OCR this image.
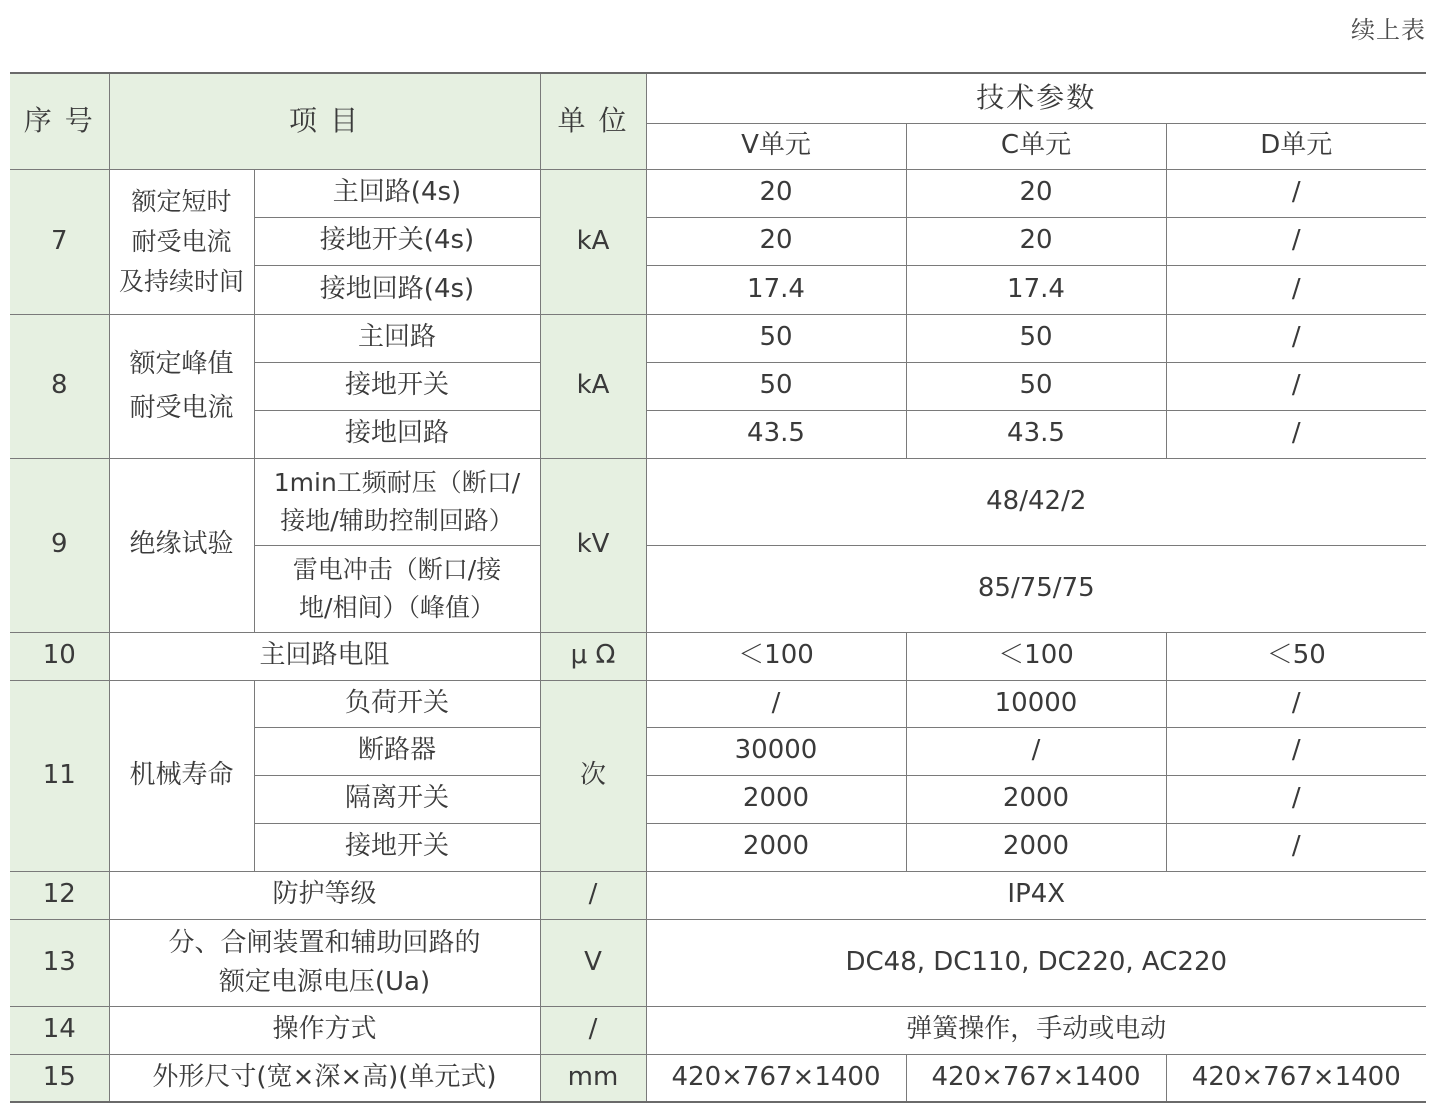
续上表
序 号	项 目		单 位	技术参数		
				V单元	C单元	D单元
7	额定短时
耐受电流
及持续时间	主回路(4s)	kA	20	20	/
		接地开关(4s)		20	20	/
		接地回路(4s)		17.4	17.4	/
8	额定峰值
耐受电流	主回路	kA	50	50	/
		接地开关		50	50	/
		接地回路		43.5	43.5	/
9	绝缘试验	1min工频耐压（断口/
接地/辅助控制回路）	kV	48/42/2		

		雷电冲击（断口/接
地/相间）（峰值）		85/75/75		
10	主回路电阻		μ Ω	＜100	＜100	＜50
11	机械寿命	负荷开关	次	/	10000	/
		断路器		30000	/	/
		隔离开关		2000	2000	/
		接地开关		2000	2000	/
12	防护等级		/	IP4X		
13	分、合闸装置和辅助回路的
额定电源电压(Ua)		V	DC48, DC110, DC220, AC220		
14	操作方式		/	弹簧操作，手动或电动		
15	外形尺寸(宽×深×高)(单元式)		mm	420×767×1400	420×767×1400	420×767×1400
